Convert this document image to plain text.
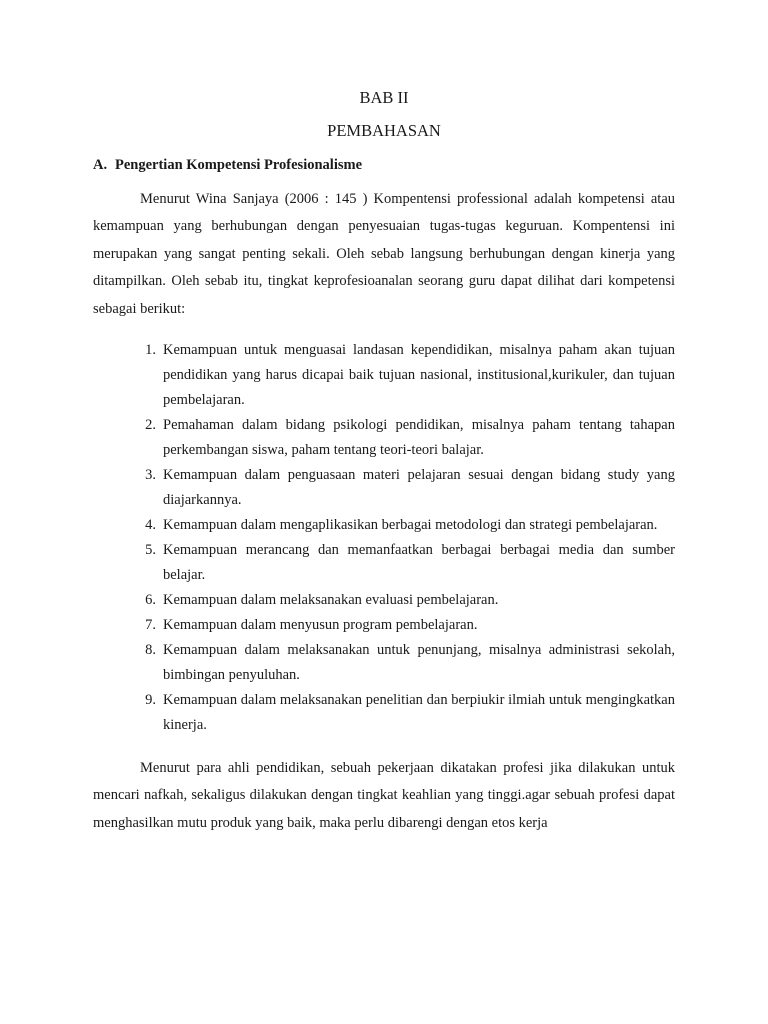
BAB II
PEMBAHASAN
A. Pengertian Kompetensi Profesionalisme

Menurut Wina Sanjaya (2006 : 145 ) Kompentensi professional adalah kompetensi atau kemampuan yang berhubungan dengan penyesuaian tugas-tugas keguruan. Kompentensi ini merupakan yang sangat penting sekali. Oleh sebab langsung berhubungan dengan kinerja yang ditampilkan. Oleh sebab itu, tingkat keprofesioanalan seorang guru dapat dilihat dari kompetensi sebagai berikut:

1. Kemampuan untuk menguasai landasan kependidikan, misalnya paham akan tujuan pendidikan yang harus dicapai baik tujuan nasional, institusional,kurikuler, dan tujuan pembelajaran.
2. Pemahaman dalam bidang psikologi pendidikan, misalnya paham tentang tahapan perkembangan siswa, paham tentang teori-teori balajar.
3. Kemampuan dalam penguasaan materi pelajaran sesuai dengan bidang study yang diajarkannya.
4. Kemampuan dalam mengaplikasikan berbagai metodologi dan strategi pembelajaran.
5. Kemampuan merancang dan memanfaatkan berbagai berbagai media dan sumber belajar.
6. Kemampuan dalam melaksanakan evaluasi pembelajaran.
7. Kemampuan dalam menyusun program pembelajaran.
8. Kemampuan dalam melaksanakan untuk penunjang, misalnya administrasi sekolah, bimbingan penyuluhan.
9. Kemampuan dalam melaksanakan penelitian dan berpiukir ilmiah untuk mengingkatkan kinerja.

Menurut para ahli pendidikan, sebuah pekerjaan dikatakan profesi jika dilakukan untuk mencari nafkah, sekaligus dilakukan dengan tingkat keahlian yang tinggi.agar sebuah profesi dapat menghasilkan mutu produk yang baik, maka perlu dibarengi dengan etos kerja
